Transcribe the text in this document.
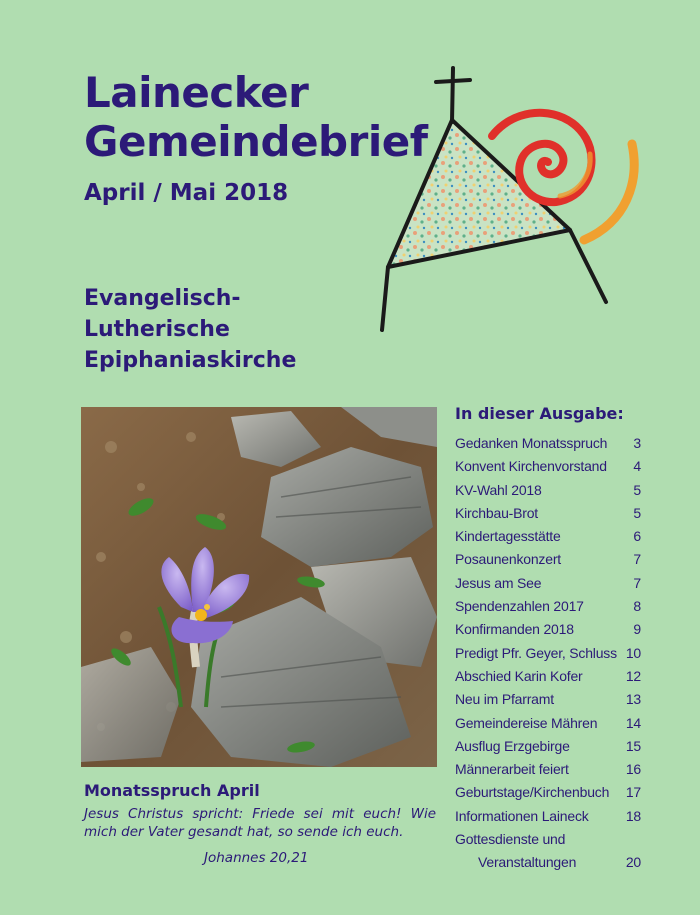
Lainecker
Gemeindebrief
April / Mai 2018
Evangelisch-
Lutherische
Epiphaniaskirche
Monatsspruch April
Jesus Christus spricht: Friede sei mit euch! Wie mich der Vater gesandt hat, so sende ich euch.
Johannes 20,21
In dieser Ausgabe:
Gedanken Monatsspruch 3
Konvent Kirchenvorstand 4
KV-Wahl 2018	5
Kirchbau-Brot	5
Kindertagesstätte	6
Posaunenkonzert	7
Jesus am See	7
Spendenzahlen 2017	8
Konfirmanden 2018	9
Predigt Pfr. Geyer, Schluss 10
Abschied Karin Kofer	12
Neu im Pfarramt	13
Gemeindereise Mähren 14
Ausflug Erzgebirge	15
Männerarbeit feiert	16
Geburtstage/Kirchenbuch 17
Informationen Laineck	18
Gottesdienste und
Veranstaltungen	20
